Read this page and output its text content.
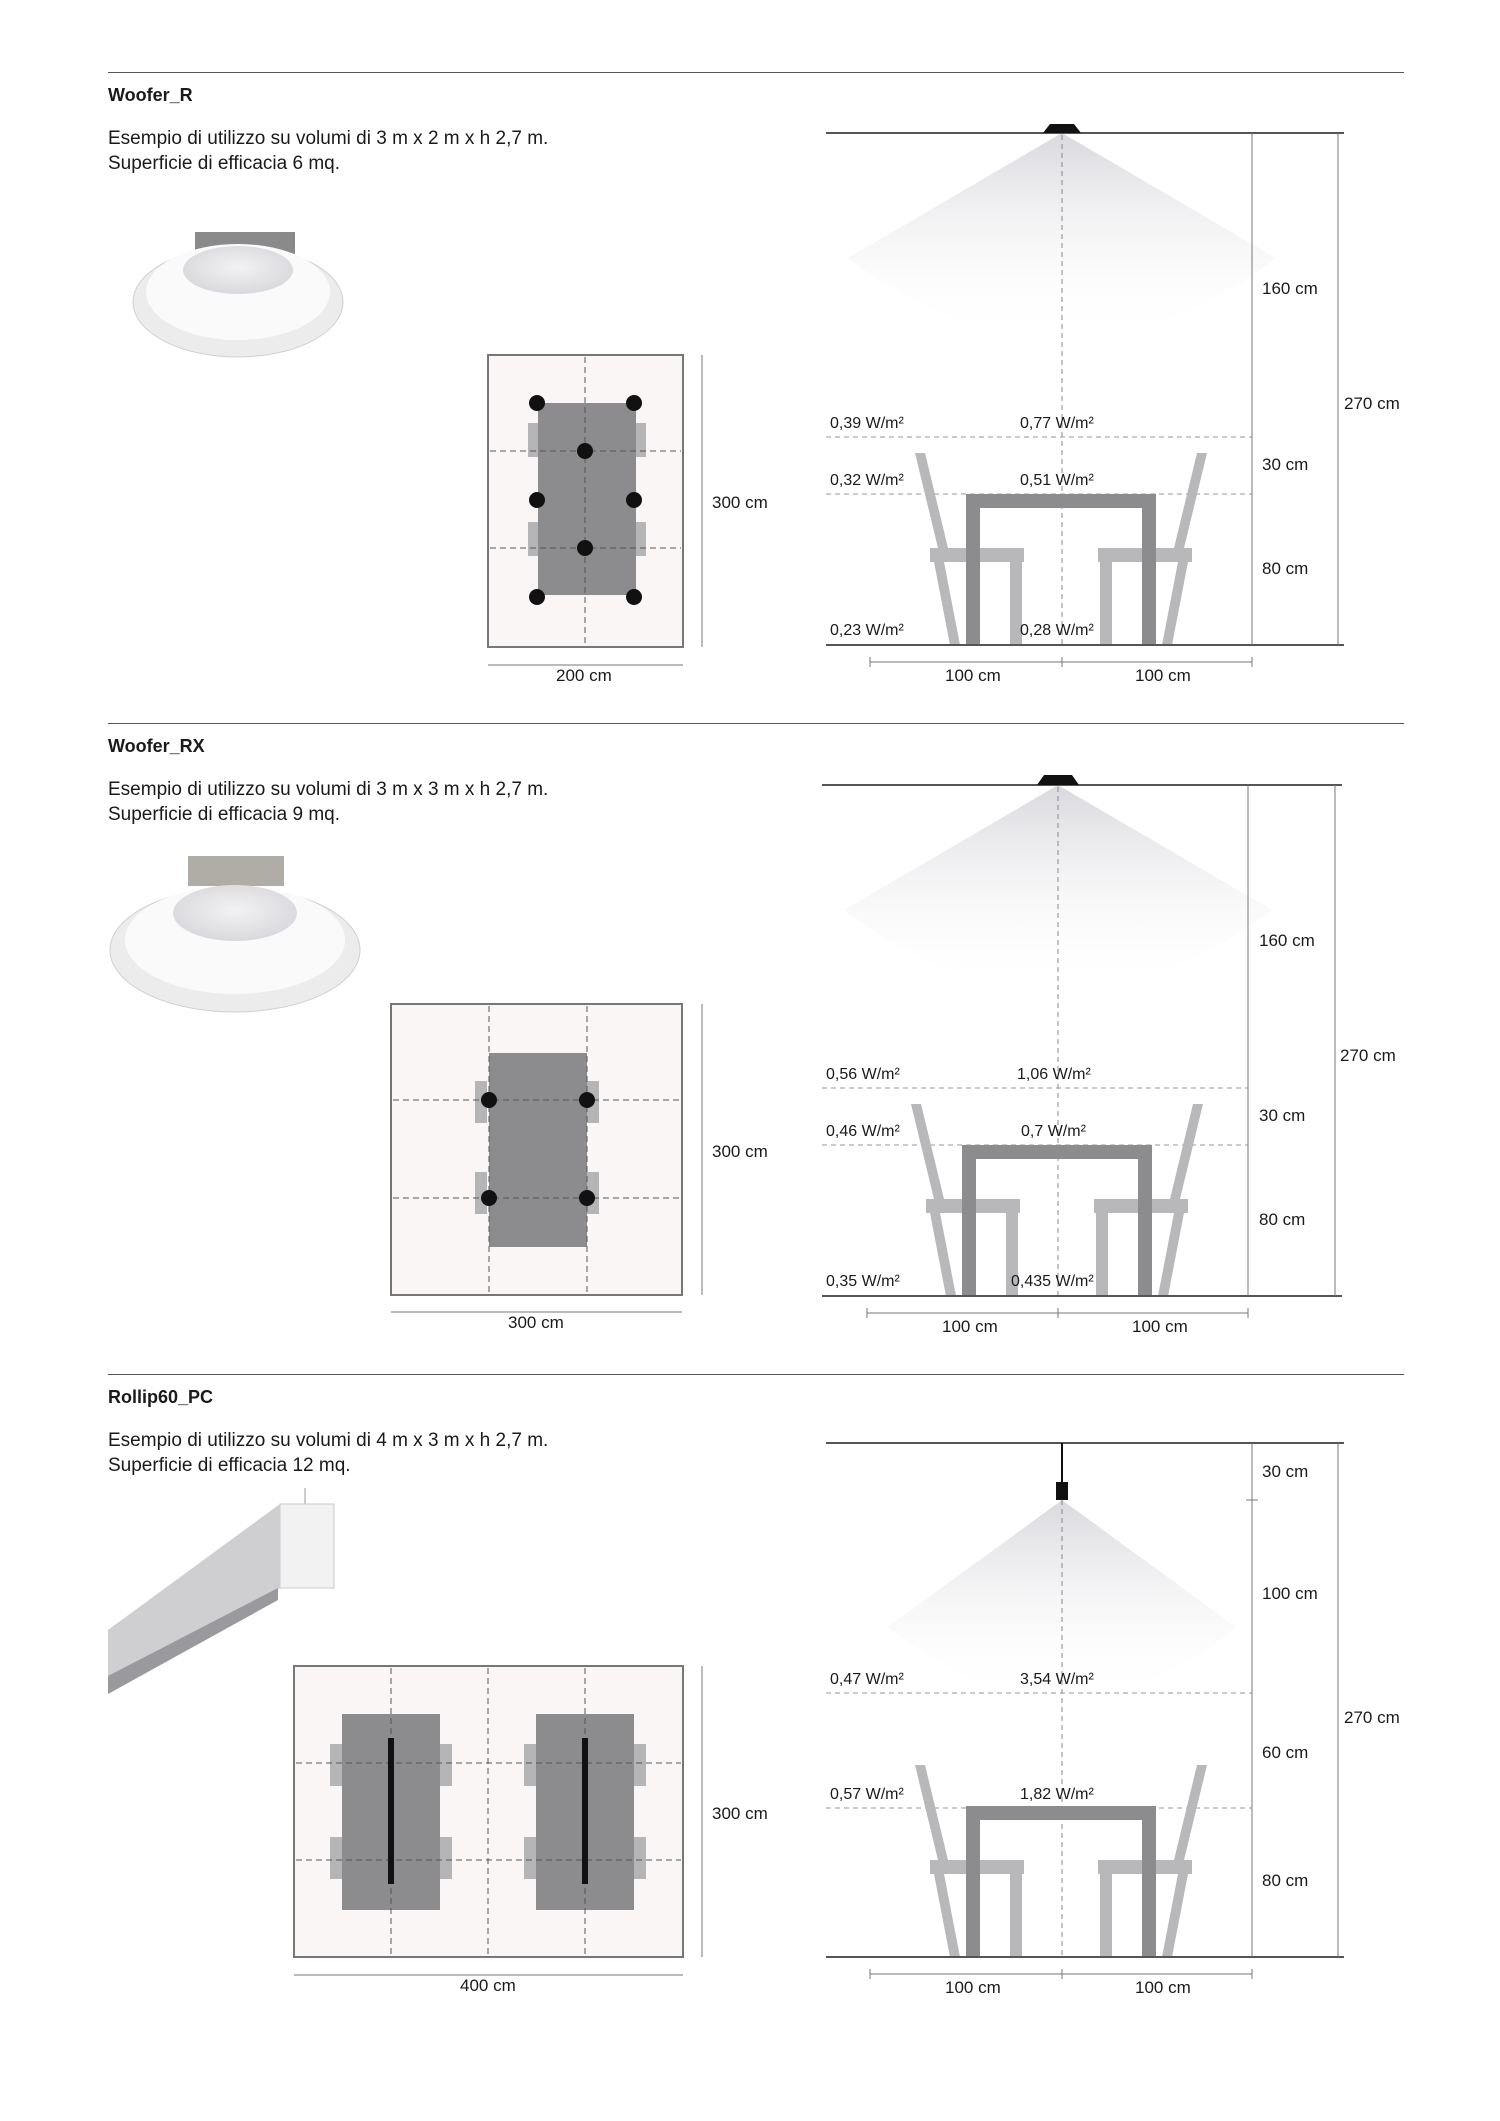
Woofer_R
Esempio di utilizzo su volumi di 3 m x 2 m x h 2,7 m.
Superficie di efficacia 6 mq.
300 cm
200 cm
160 cm
30 cm
80 cm
270 cm
100 cm	100 cm
0,39 W/m²	0,77 W/m²
0,32 W/m²	0,51 W/m²
0,23 W/m²	0,28 W/m²
Woofer_RX
Esempio di utilizzo su volumi di 3 m x 3 m x h 2,7 m.
Superficie di efficacia 9 mq.
300 cm
300 cm
160 cm
30 cm
80 cm
270 cm
100 cm	100 cm
0,56 W/m²	1,06 W/m²
0,46 W/m²	0,7 W/m²
0,35 W/m²	0,435 W/m²
Rollip60_PC
Esempio di utilizzo su volumi di 4 m x 3 m x h 2,7 m.
Superficie di efficacia 12 mq.
300 cm
400 cm
30 cm
100 cm
60 cm
80 cm
270 cm
100 cm	100 cm
0,47 W/m²	3,54 W/m²
0,57 W/m²	1,82 W/m²
